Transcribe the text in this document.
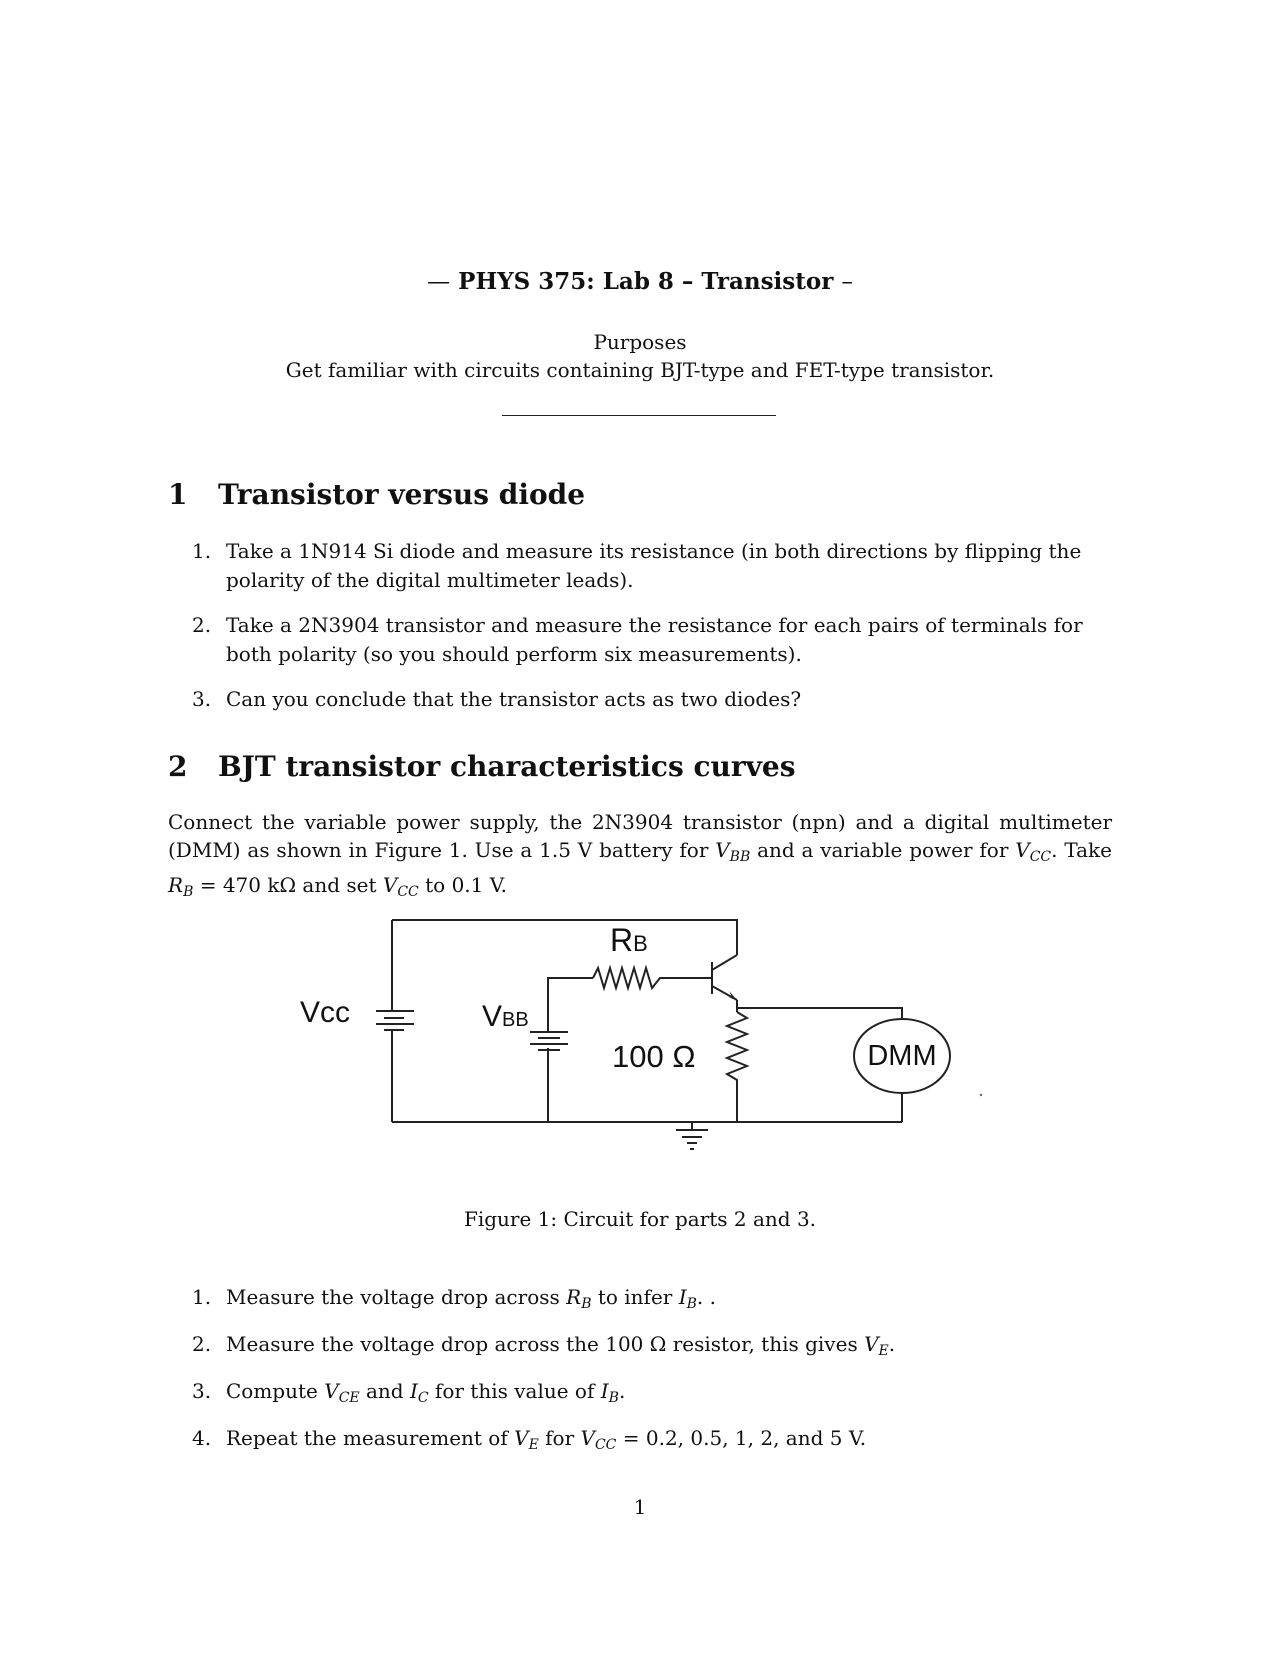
— PHYS 375: Lab 8 – Transistor –
Purposes
Get familiar with circuits containing BJT-type and FET-type transistor.
1 Transistor versus diode
1. Take a 1N914 Si diode and measure its resistance (in both directions by flipping the polarity of the digital multimeter leads).
2. Take a 2N3904 transistor and measure the resistance for each pairs of terminals for both polarity (so you should perform six measurements).
3. Can you conclude that the transistor acts as two diodes?
2 BJT transistor characteristics curves
Connect the variable power supply, the 2N3904 transistor (npn) and a digital multimeter (DMM) as shown in Figure 1. Use a 1.5 V battery for $V_{BB}$ and a variable power for $V_{CC}$. Take $R_B = 470$ kΩ and set $V_{CC}$ to 0.1 V.
Vcc	VBB
RB
100 Ω	DMM
Figure 1: Circuit for parts 2 and 3.
1. Measure the voltage drop across $R_B$ to infer $I_B$. .
2. Measure the voltage drop across the 100 Ω resistor, this gives $V_E$.
3. Compute $V_{CE}$ and $I_C$ for this value of $I_B$.
4. Repeat the measurement of $V_E$ for $V_{CC} = 0.2$, 0.5, 1, 2, and 5 V.
1
